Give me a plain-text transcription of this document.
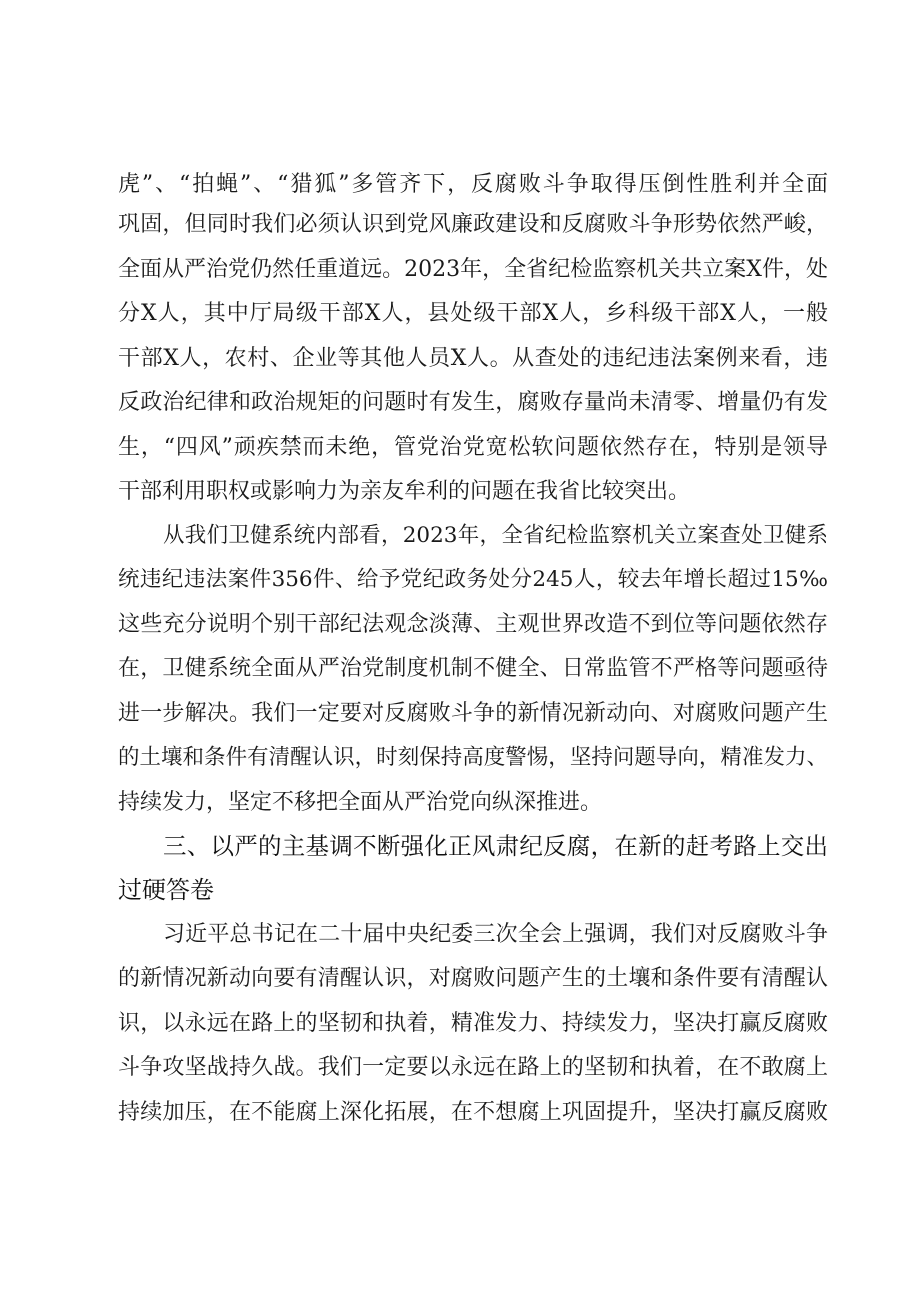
虎”、“拍蝇”、“猎狐”多管齐下，反腐败斗争取得压倒性胜利并全面
巩固，但同时我们必须认识到党风廉政建设和反腐败斗争形势依然严峻，
全面从严治党仍然任重道远。2023年，全省纪检监察机关共立案X件，处
分X人，其中厅局级干部X人，县处级干部X人，乡科级干部X人，一般
干部X人，农村、企业等其他人员X人。从查处的违纪违法案例来看，违
反政治纪律和政治规矩的问题时有发生，腐败存量尚未清零、增量仍有发
生，“四风”顽疾禁而未绝，管党治党宽松软问题依然存在，特别是领导
干部利用职权或影响力为亲友牟利的问题在我省比较突出。
从我们卫健系统内部看，2023年，全省纪检监察机关立案查处卫健系
统违纪违法案件356件、给予党纪政务处分245人，较去年增长超过15‰
这些充分说明个别干部纪法观念淡薄、主观世界改造不到位等问题依然存
在，卫健系统全面从严治党制度机制不健全、日常监管不严格等问题亟待
进一步解决。我们一定要对反腐败斗争的新情况新动向、对腐败问题产生
的土壤和条件有清醒认识，时刻保持高度警惕，坚持问题导向，精准发力、
持续发力，坚定不移把全面从严治党向纵深推进。
三、以严的主基调不断强化正风肃纪反腐，在新的赶考路上交出
过硬答卷
习近平总书记在二十届中央纪委三次全会上强调，我们对反腐败斗争
的新情况新动向要有清醒认识，对腐败问题产生的土壤和条件要有清醒认
识，以永远在路上的坚韧和执着，精准发力、持续发力，坚决打赢反腐败
斗争攻坚战持久战。我们一定要以永远在路上的坚韧和执着，在不敢腐上
持续加压，在不能腐上深化拓展，在不想腐上巩固提升，坚决打赢反腐败
